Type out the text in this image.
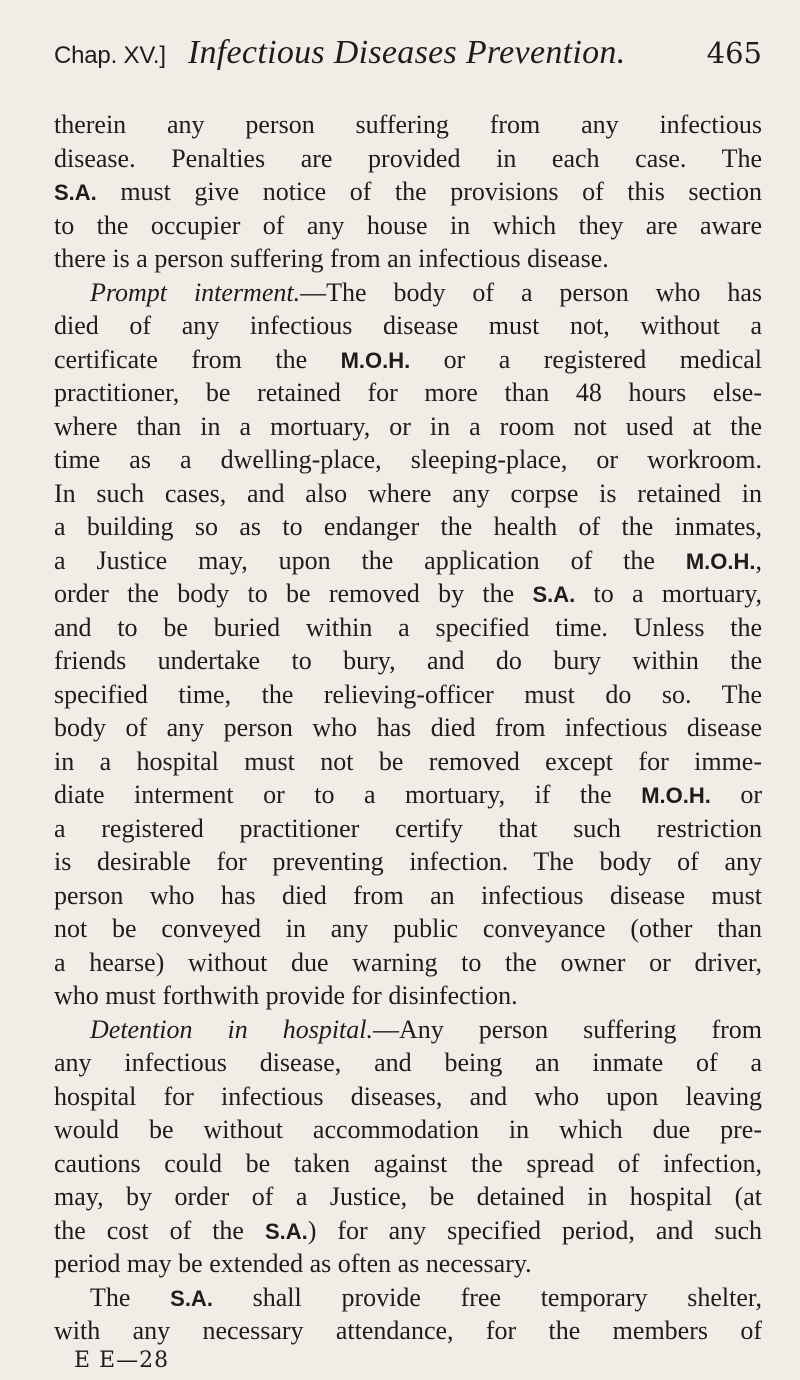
Chap. XV.] Infectious Diseases Prevention.	465
therein any person suffering from any infectious
disease. Penalties are provided in each case. The
S.A. must give notice of the provisions of this section
to the occupier of any house in which they are aware
there is a person suffering from an infectious disease.
Prompt interment.—The body of a person who has
died of any infectious disease must not, without a
certificate from the M.O.H. or a registered medical
practitioner, be retained for more than 48 hours else-
where than in a mortuary, or in a room not used at the
time as a dwelling-place, sleeping-place, or workroom.
In such cases, and also where any corpse is retained in
a building so as to endanger the health of the inmates,
a Justice may, upon the application of the M.O.H.,
order the body to be removed by the S.A. to a mortuary,
and to be buried within a specified time. Unless the
friends undertake to bury, and do bury within the
specified time, the relieving-officer must do so. The
body of any person who has died from infectious disease
in a hospital must not be removed except for imme-
diate interment or to a mortuary, if the M.O.H. or
a registered practitioner certify that such restriction
is desirable for preventing infection. The body of any
person who has died from an infectious disease must
not be conveyed in any public conveyance (other than
a hearse) without due warning to the owner or driver,
who must forthwith provide for disinfection.
Detention in hospital.—Any person suffering from
any infectious disease, and being an inmate of a
hospital for infectious diseases, and who upon leaving
would be without accommodation in which due pre-
cautions could be taken against the spread of infection,
may, by order of a Justice, be detained in hospital (at
the cost of the S.A.) for any specified period, and such
period may be extended as often as necessary.
The S.A. shall provide free temporary shelter,
with any necessary attendance, for the members of
E E—28
